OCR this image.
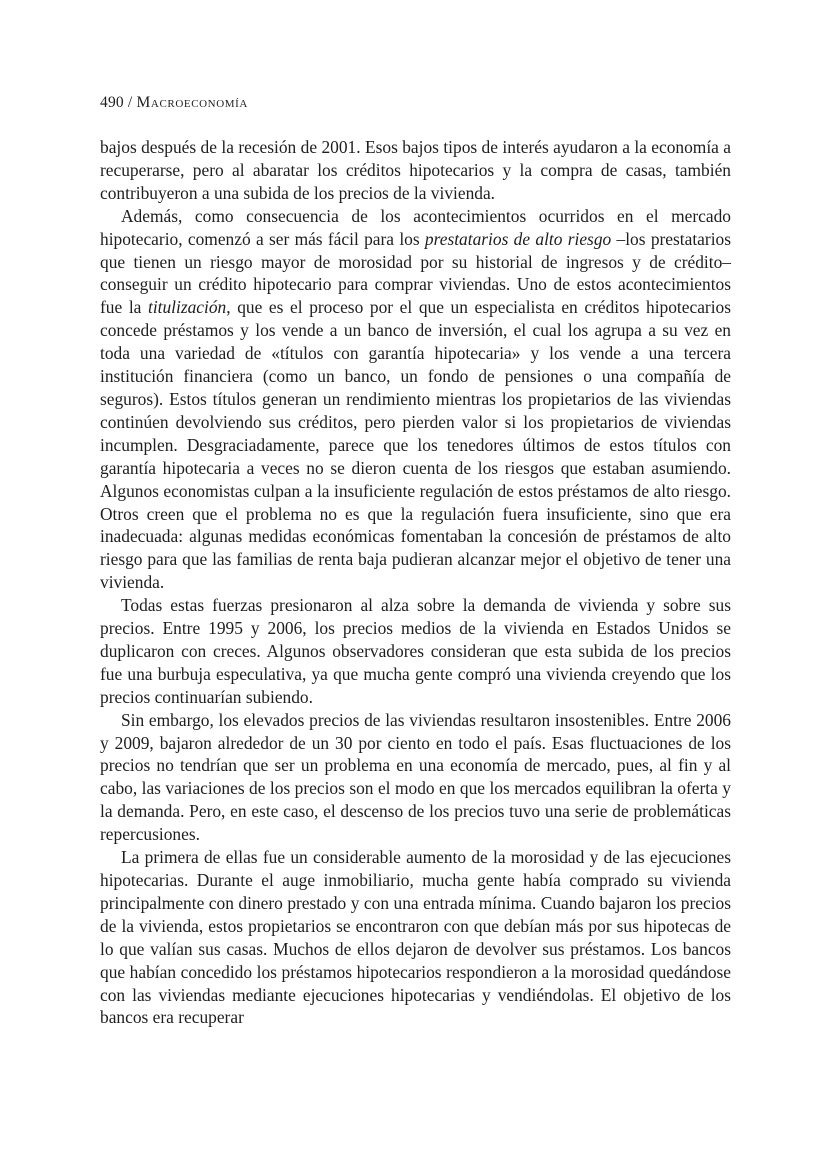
490 / Macroeconomía

bajos después de la recesión de 2001. Esos bajos tipos de interés ayudaron a la economía a recuperarse, pero al abaratar los créditos hipotecarios y la compra de casas, también contribuyeron a una subida de los precios de la vivienda.

Además, como consecuencia de los acontecimientos ocurridos en el mercado hipotecario, comenzó a ser más fácil para los prestatarios de alto riesgo –los prestatarios que tienen un riesgo mayor de morosidad por su historial de ingresos y de crédito– conseguir un crédito hipotecario para comprar viviendas. Uno de estos acontecimientos fue la titulización, que es el proceso por el que un especialista en créditos hipotecarios concede préstamos y los vende a un banco de inversión, el cual los agrupa a su vez en toda una variedad de «títulos con garantía hipotecaria» y los vende a una tercera institución financiera (como un banco, un fondo de pensiones o una compañía de seguros). Estos títulos generan un rendimiento mientras los propietarios de las viviendas continúen devolviendo sus créditos, pero pierden valor si los propietarios de viviendas incumplen. Desgraciadamente, parece que los tenedores últimos de estos títulos con garantía hipotecaria a veces no se dieron cuenta de los riesgos que estaban asumiendo. Algunos economistas culpan a la insuficiente regulación de estos préstamos de alto riesgo. Otros creen que el problema no es que la regulación fuera insuficiente, sino que era inadecuada: algunas medidas económicas fomentaban la concesión de préstamos de alto riesgo para que las familias de renta baja pudieran alcanzar mejor el objetivo de tener una vivienda.

Todas estas fuerzas presionaron al alza sobre la demanda de vivienda y sobre sus precios. Entre 1995 y 2006, los precios medios de la vivienda en Estados Unidos se duplicaron con creces. Algunos observadores consideran que esta subida de los precios fue una burbuja especulativa, ya que mucha gente compró una vivienda creyendo que los precios continuarían subiendo.

Sin embargo, los elevados precios de las viviendas resultaron insostenibles. Entre 2006 y 2009, bajaron alrededor de un 30 por ciento en todo el país. Esas fluctuaciones de los precios no tendrían que ser un problema en una economía de mercado, pues, al fin y al cabo, las variaciones de los precios son el modo en que los mercados equilibran la oferta y la demanda. Pero, en este caso, el descenso de los precios tuvo una serie de problemáticas repercusiones.

La primera de ellas fue un considerable aumento de la morosidad y de las ejecuciones hipotecarias. Durante el auge inmobiliario, mucha gente había comprado su vivienda principalmente con dinero prestado y con una entrada mínima. Cuando bajaron los precios de la vivienda, estos propietarios se encontraron con que debían más por sus hipotecas de lo que valían sus casas. Muchos de ellos dejaron de devolver sus préstamos. Los bancos que habían concedido los préstamos hipotecarios respondieron a la morosidad quedándose con las viviendas mediante ejecuciones hipotecarias y vendiéndolas. El objetivo de los bancos era recuperar
